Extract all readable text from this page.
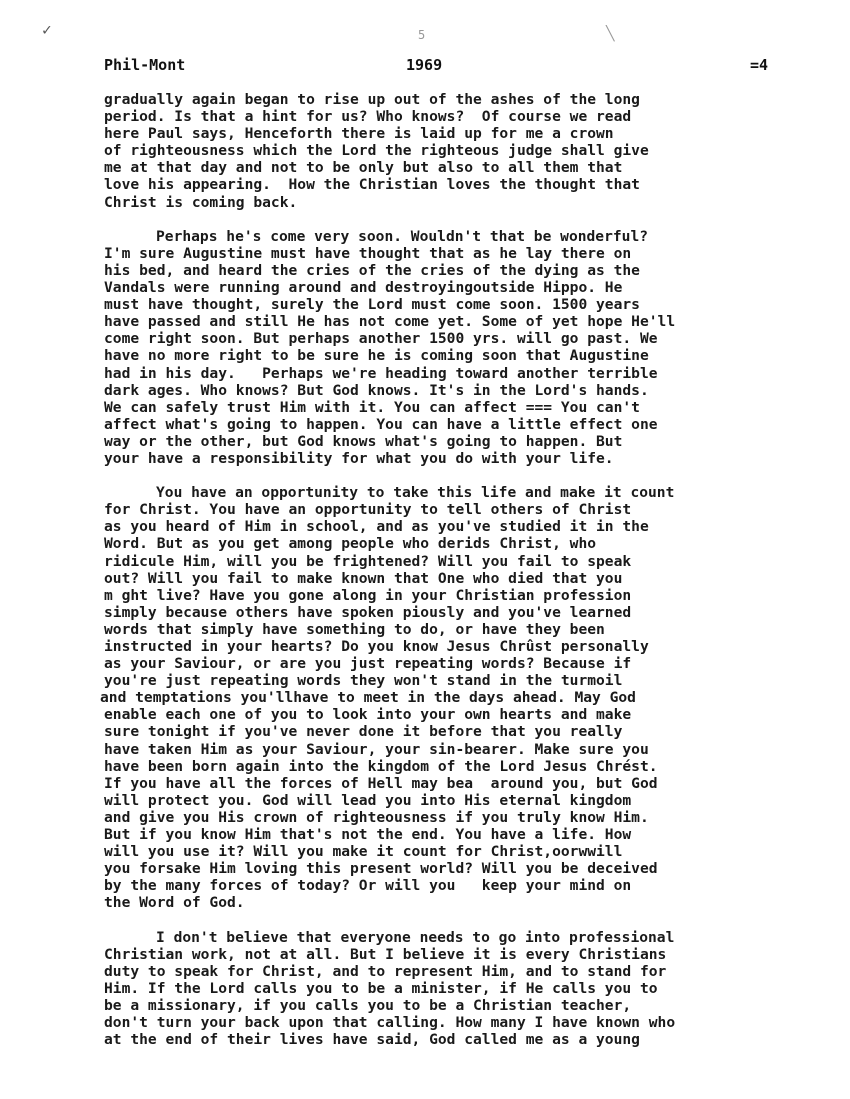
✓	5	╲
Phil-Mont	1969	=4
gradually again began to rise up out of the ashes of the long
period. Is that a hint for us? Who knows?  Of course we read
here Paul says, Henceforth there is laid up for me a crown
of righteousness which the Lord the righteous judge shall give
me at that day and not to be only but also to all them that
love his appearing.  How the Christian loves the thought that
Christ is coming back.
Perhaps he's come very soon. Wouldn't that be wonderful?
I'm sure Augustine must have thought that as he lay there on
his bed, and heard the cries of the cries of the dying as the
Vandals were running around and destroyingoutside Hippo. He
must have thought, surely the Lord must come soon. 1500 years
have passed and still He has not come yet. Some of yet hope He'll
come right soon. But perhaps another 1500 yrs. will go past. We
have no more right to be sure he is coming soon that Augustine
had in his day.   Perhaps we're heading toward another terrible
dark ages. Who knows? But God knows. It's in the Lord's hands.
We can safely trust Him with it. You can affect === You can't
affect what's going to happen. You can have a little effect one
way or the other, but God knows what's going to happen. But
your have a responsibility for what you do with your life.
You have an opportunity to take this life and make it count
for Christ. You have an opportunity to tell others of Christ
as you heard of Him in school, and as you've studied it in the
Word. But as you get among people who derids Christ, who
ridicule Him, will you be frightened? Will you fail to speak
out? Will you fail to make known that One who died that you
m ght live? Have you gone along in your Christian profession
simply because others have spoken piously and you've learned
words that simply have something to do, or have they been
instructed in your hearts? Do you know Jesus Chrûst personally
as your Saviour, or are you just repeating words? Because if
you're just repeating words they won't stand in the turmoil
and temptations you'llhave to meet in the days ahead. May God
enable each one of you to look into your own hearts and make
sure tonight if you've never done it before that you really
have taken Him as your Saviour, your sin-bearer. Make sure you
have been born again into the kingdom of the Lord Jesus Chrést.
If you have all the forces of Hell may bea  around you, but God
will protect you. God will lead you into His eternal kingdom
and give you His crown of righteousness if you truly know Him.
But if you know Him that's not the end. You have a life. How
will you use it? Will you make it count for Christ,oorwwill
you forsake Him loving this present world? Will you be deceived
by the many forces of today? Or will you   keep your mind on
the Word of God.
I don't believe that everyone needs to go into professional
Christian work, not at all. But I believe it is every Christians
duty to speak for Christ, and to represent Him, and to stand for
Him. If the Lord calls you to be a minister, if He calls you to
be a missionary, if you calls you to be a Christian teacher,
don't turn your back upon that calling. How many I have known who
at the end of their lives have said, God called me as a young
